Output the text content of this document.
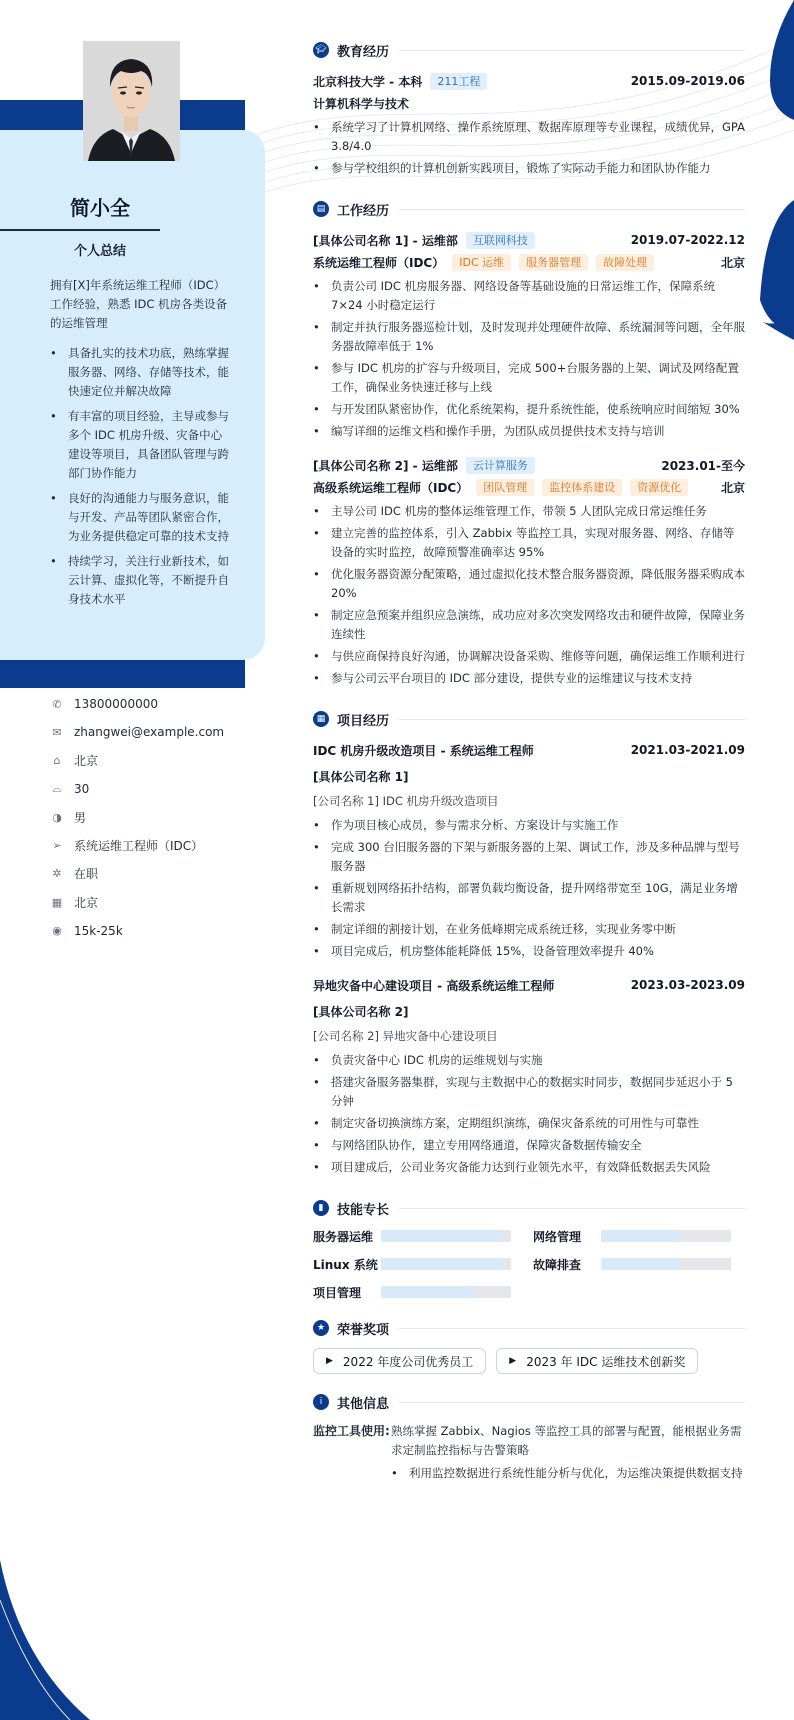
简小全
个人总结
拥有[X]年系统运维工程师（IDC）工作经验，熟悉 IDC 机房各类设备的运维管理
• 具备扎实的技术功底，熟练掌握服务器、网络、存储等技术，能快速定位并解决故障
• 有丰富的项目经验，主导或参与多个 IDC 机房升级、灾备中心建设等项目，具备团队管理与跨部门协作能力
• 良好的沟通能力与服务意识，能与开发、产品等团队紧密合作，为业务提供稳定可靠的技术支持
• 持续学习，关注行业新技术，如云计算、虚拟化等，不断提升自身技术水平
✆ 13800000000
✉ zhangwei@example.com
⌂ 北京
⌓ 30
◑ 男
➢ 系统运维工程师（IDC）
✲ 在职
▦ 北京
◉ 15k-25k
🎓︎ 教育经历
北京科技大学 - 本科	211工程	2015.09-2019.06
计算机科学与技术
• 系统学习了计算机网络、操作系统原理、数据库原理等专业课程，成绩优异，GPA 3.8/4.0
• 参与学校组织的计算机创新实践项目，锻炼了实际动手能力和团队协作能力
▤ 工作经历
[具体公司名称 1] - 运维部	互联网科技	2019.07-2022.12
系统运维工程师（IDC）	IDC 运维	服务器管理	故障处理	北京
• 负责公司 IDC 机房服务器、网络设备等基础设施的日常运维工作，保障系统 7×24 小时稳定运行
• 制定并执行服务器巡检计划，及时发现并处理硬件故障、系统漏洞等问题，全年服务器故障率低于 1%
• 参与 IDC 机房的扩容与升级项目，完成 500+台服务器的上架、调试及网络配置工作，确保业务快速迁移与上线
• 与开发团队紧密协作，优化系统架构，提升系统性能，使系统响应时间缩短 30%
• 编写详细的运维文档和操作手册，为团队成员提供技术支持与培训
[具体公司名称 2] - 运维部	云计算服务	2023.01-至今
高级系统运维工程师（IDC）	团队管理	监控体系建设	资源优化	北京
• 主导公司 IDC 机房的整体运维管理工作，带领 5 人团队完成日常运维任务
• 建立完善的监控体系，引入 Zabbix 等监控工具，实现对服务器、网络、存储等设备的实时监控，故障预警准确率达 95%
• 优化服务器资源分配策略，通过虚拟化技术整合服务器资源，降低服务器采购成本 20%
• 制定应急预案并组织应急演练，成功应对多次突发网络攻击和硬件故障，保障业务连续性
• 与供应商保持良好沟通，协调解决设备采购、维修等问题，确保运维工作顺利进行
• 参与公司云平台项目的 IDC 部分建设，提供专业的运维建议与技术支持
▦ 项目经历
IDC 机房升级改造项目 - 系统运维工程师	2021.03-2021.09
[具体公司名称 1]
[公司名称 1] IDC 机房升级改造项目
• 作为项目核心成员，参与需求分析、方案设计与实施工作
• 完成 300 台旧服务器的下架与新服务器的上架、调试工作，涉及多种品牌与型号服务器
• 重新规划网络拓扑结构，部署负载均衡设备，提升网络带宽至 10G，满足业务增长需求
• 制定详细的割接计划，在业务低峰期完成系统迁移，实现业务零中断
• 项目完成后，机房整体能耗降低 15%，设备管理效率提升 40%
异地灾备中心建设项目 - 高级系统运维工程师	2023.03-2023.09
[具体公司名称 2]
[公司名称 2] 异地灾备中心建设项目
• 负责灾备中心 IDC 机房的运维规划与实施
• 搭建灾备服务器集群，实现与主数据中心的数据实时同步，数据同步延迟小于 5 分钟
• 制定灾备切换演练方案，定期组织演练，确保灾备系统的可用性与可靠性
• 与网络团队协作，建立专用网络通道，保障灾备数据传输安全
• 项目建成后，公司业务灾备能力达到行业领先水平，有效降低数据丢失风险
▮	技能专长
服务器运维	网络管理
Linux 系统	故障排查
项目管理
★ 荣誉奖项
▶ 2022 年度公司优秀员工	▶ 2023 年 IDC 运维技术创新奖
i	其他信息
监控工具使用: 熟练掌握 Zabbix、Nagios 等监控工具的部署与配置，能根据业务需求定制监控指标与告警策略
• 利用监控数据进行系统性能分析与优化，为运维决策提供数据支持
